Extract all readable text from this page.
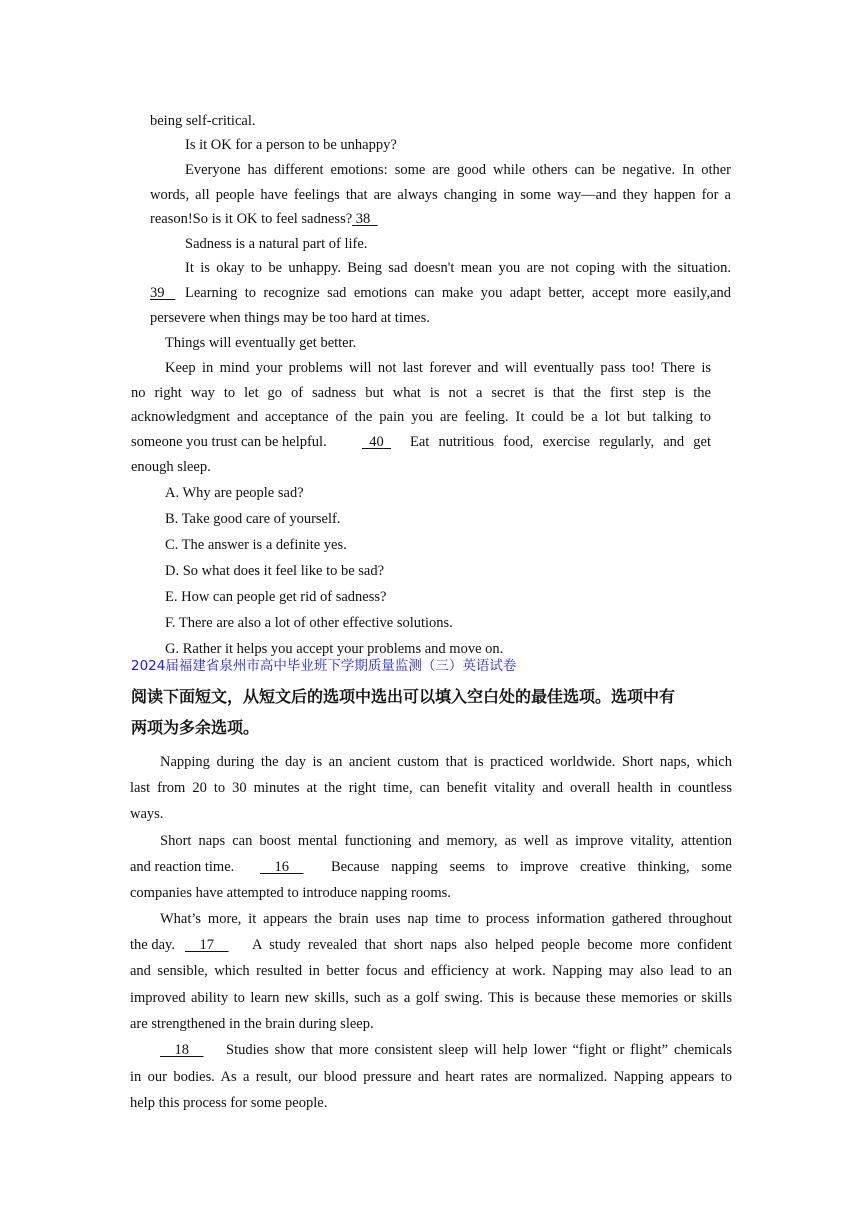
being self-critical.
Is it OK for a person to be unhappy?
Everyone has different emotions: some are good while others can be negative. In other
words, all people have feelings that are always changing in some way—and they happen for a
reason!So is it OK to feel sadness? 38
Sadness is a natural part of life.
It is okay to be unhappy. Being sad doesn't mean you are not coping with the situation.
39	Learning to recognize sad emotions can make you adapt better, accept more easily,and
persevere when things may be too hard at times.
Things will eventually get better.
Keep in mind your problems will not last forever and will eventually pass too! There is
no right way to let go of sadness but what is not a secret is that the first step is the
acknowledgment and acceptance of the pain you are feeling. It could be a lot but talking to
someone you trust can be helpful.	40	Eat nutritious food, exercise regularly, and get
enough sleep.
A. Why are people sad?
B. Take good care of yourself.
C. The answer is a definite yes.
D. So what does it feel like to be sad?
E. How can people get rid of sadness?
F. There are also a lot of other effective solutions.
G. Rather it helps you accept your problems and move on.
2024届福建省泉州市高中毕业班下学期质量监测（三）英语试卷
阅读下面短文，从短文后的选项中选出可以填入空白处的最佳选项。选项中有
两项为多余选项。
Napping during the day is an ancient custom that is practiced worldwide. Short naps, which
last from 20 to 30 minutes at the right time, can benefit vitality and overall health in countless
ways.
Short naps can boost mental functioning and memory, as well as improve vitality, attention
and reaction time.	16	Because napping seems to improve creative thinking, some
companies have attempted to introduce napping rooms.
What’s more, it appears the brain uses nap time to process information gathered throughout
the day.	17	A study revealed that short naps also helped people become more confident
and sensible, which resulted in better focus and efficiency at work. Napping may also lead to an
improved ability to learn new skills, such as a golf swing. This is because these memories or skills
are strengthened in the brain during sleep.
18	Studies show that more consistent sleep will help lower “fight or flight” chemicals
in our bodies. As a result, our blood pressure and heart rates are normalized. Napping appears to
help this process for some people.
